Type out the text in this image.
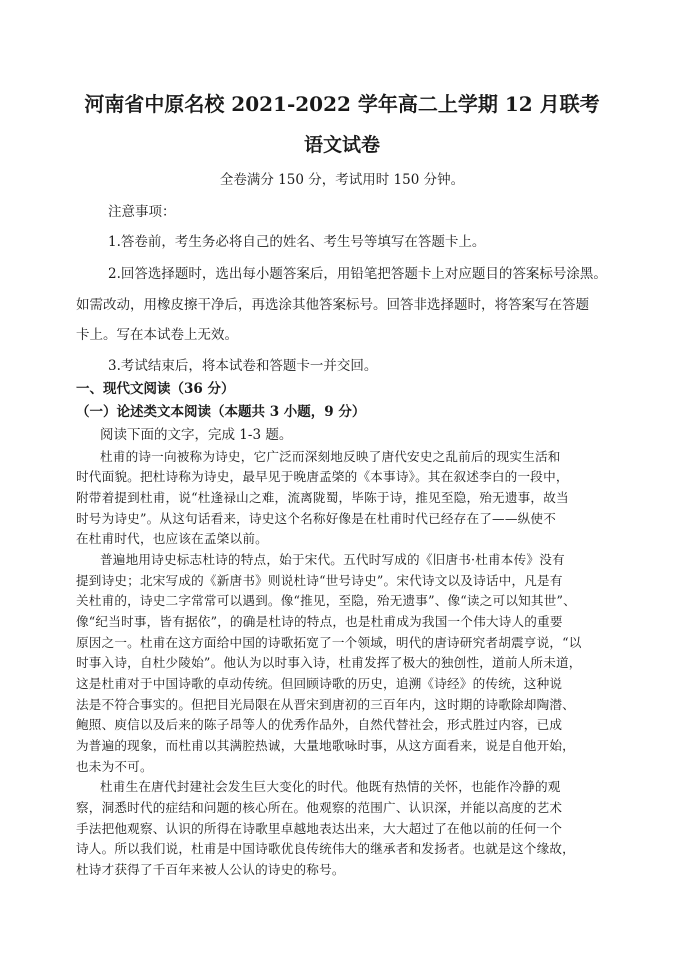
河南省中原名校 2021-2022 学年高二上学期 12 月联考
语文试卷
全卷满分 150 分，考试用时 150 分钟。
注意事项：
1.答卷前，考生务必将自己的姓名、考生号等填写在答题卡上。
2.回答选择题时，选出每小题答案后，用铅笔把答题卡上对应题目的答案标号涂黑。
如需改动，用橡皮擦干净后，再选涂其他答案标号。回答非选择题时，将答案写在答题
卡上。写在本试卷上无效。
3.考试结束后，将本试卷和答题卡一并交回。
一、现代文阅读（36 分）
（一）论述类文本阅读（本题共 3 小题，9 分）
阅读下面的文字，完成 1-3 题。
杜甫的诗一向被称为诗史，它广泛而深刻地反映了唐代安史之乱前后的现实生活和
时代面貌。把杜诗称为诗史，最早见于晚唐孟棨的《本事诗》。其在叙述李白的一段中，
附带着提到杜甫，说“杜逢禄山之难，流离陇蜀，毕陈于诗，推见至隐，殆无遗事，故当
时号为诗史”。从这句话看来，诗史这个名称好像是在杜甫时代已经存在了——纵使不
在杜甫时代，也应该在孟棨以前。
普遍地用诗史标志杜诗的特点，始于宋代。五代时写成的《旧唐书·杜甫本传》没有
提到诗史；北宋写成的《新唐书》则说杜诗“世号诗史”。宋代诗文以及诗话中，凡是有
关杜甫的，诗史二字常常可以遇到。像“推见，至隐，殆无遗事”、像“读之可以知其世”、
像“纪当时事，皆有据依”，的确是杜诗的特点，也是杜甫成为我国一个伟大诗人的重要
原因之一。杜甫在这方面给中国的诗歌拓宽了一个领域，明代的唐诗研究者胡震亨说，“以
时事入诗，自杜少陵始”。他认为以时事入诗，杜甫发挥了极大的独创性，道前人所未道，
这是杜甫对于中国诗歌的卓动传统。但回顾诗歌的历史，追溯《诗经》的传统，这种说
法是不符合事实的。但把目光局限在从晋宋到唐初的三百年内，这时期的诗歌除却陶潜、
鲍照、庾信以及后来的陈子昂等人的优秀作品外，自然代替社会，形式胜过内容，已成
为普遍的现象，而杜甫以其满腔热诚，大量地歌咏时事，从这方面看来，说是自他开始，
也未为不可。
杜甫生在唐代封建社会发生巨大变化的时代。他既有热情的关怀，也能作冷静的观
察，洞悉时代的症结和问题的核心所在。他观察的范围广、认识深，并能以高度的艺术
手法把他观察、认识的所得在诗歌里卓越地表达出来，大大超过了在他以前的任何一个
诗人。所以我们说，杜甫是中国诗歌优良传统伟大的继承者和发扬者。也就是这个缘故，
杜诗才获得了千百年来被人公认的诗史的称号。
